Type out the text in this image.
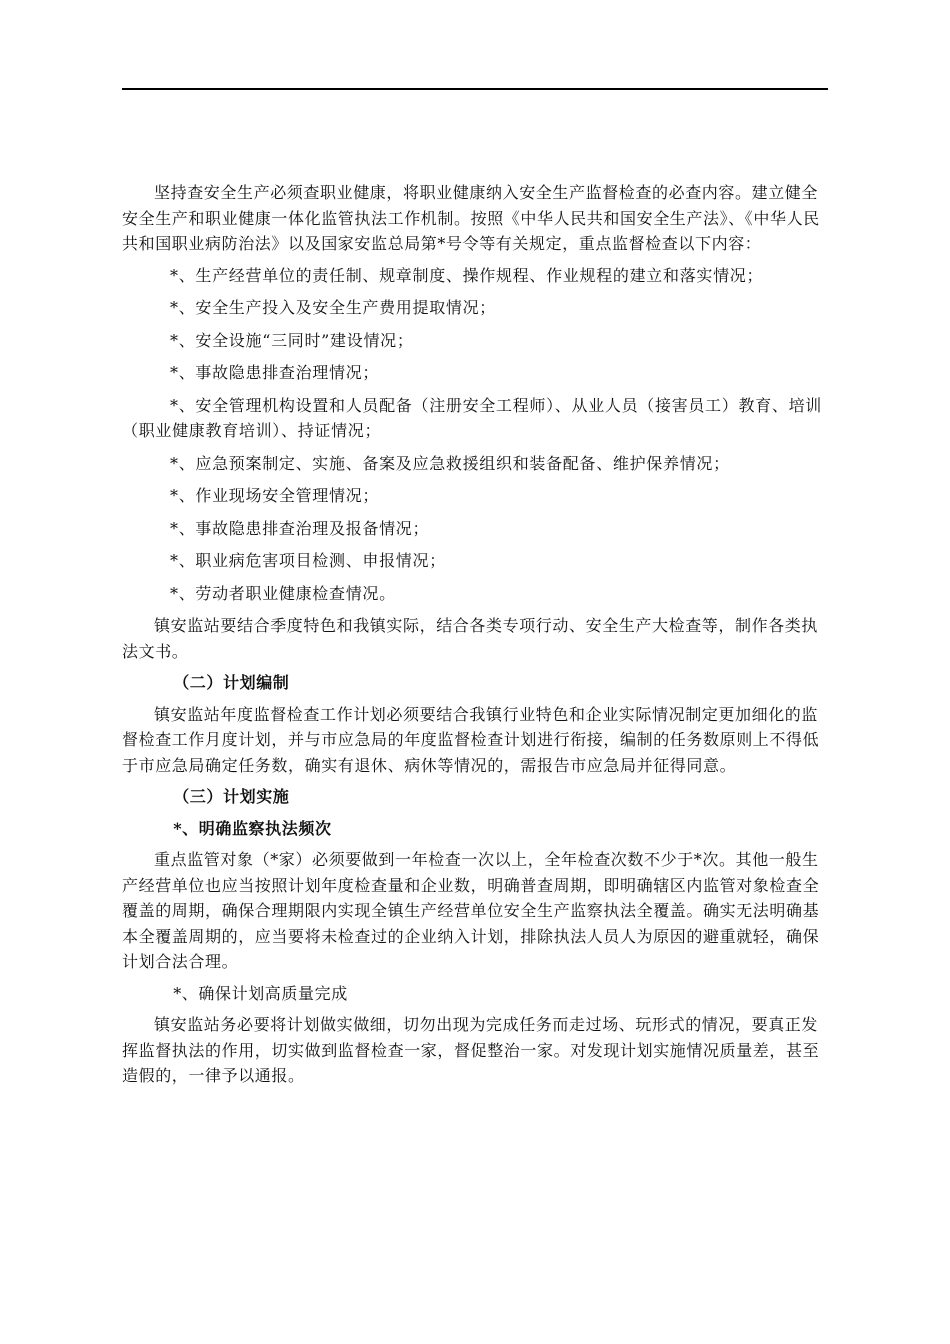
坚持查安全生产必须查职业健康，将职业健康纳入安全生产监督检查的必查内容。建立健全安全生产和职业健康一体化监管执法工作机制。按照《中华人民共和国安全生产法》、《中华人民共和国职业病防治法》以及国家安监总局第*号令等有关规定，重点监督检查以下内容：

*、生产经营单位的责任制、规章制度、操作规程、作业规程的建立和落实情况；

*、安全生产投入及安全生产费用提取情况；

*、安全设施“三同时”建设情况；

*、事故隐患排查治理情况；

*、安全管理机构设置和人员配备（注册安全工程师）、从业人员（接害员工）教育、培训（职业健康教育培训）、持证情况；

*、应急预案制定、实施、备案及应急救援组织和装备配备、维护保养情况；

*、作业现场安全管理情况；

*、事故隐患排查治理及报备情况；

*、职业病危害项目检测、申报情况；

*、劳动者职业健康检查情况。

镇安监站要结合季度特色和我镇实际，结合各类专项行动、安全生产大检查等，制作各类执法文书。

（二）计划编制

镇安监站年度监督检查工作计划必须要结合我镇行业特色和企业实际情况制定更加细化的监督检查工作月度计划，并与市应急局的年度监督检查计划进行衔接，编制的任务数原则上不得低于市应急局确定任务数，确实有退休、病休等情况的，需报告市应急局并征得同意。

（三）计划实施

*、明确监察执法频次

重点监管对象（*家）必须要做到一年检查一次以上，全年检查次数不少于*次。其他一般生产经营单位也应当按照计划年度检查量和企业数，明确普查周期，即明确辖区内监管对象检查全覆盖的周期，确保合理期限内实现全镇生产经营单位安全生产监察执法全覆盖。确实无法明确基本全覆盖周期的，应当要将未检查过的企业纳入计划，排除执法人员人为原因的避重就轻，确保计划合法合理。

*、确保计划高质量完成

镇安监站务必要将计划做实做细，切勿出现为完成任务而走过场、玩形式的情况，要真正发挥监督执法的作用，切实做到监督检查一家，督促整治一家。对发现计划实施情况质量差，甚至造假的，一律予以通报。
